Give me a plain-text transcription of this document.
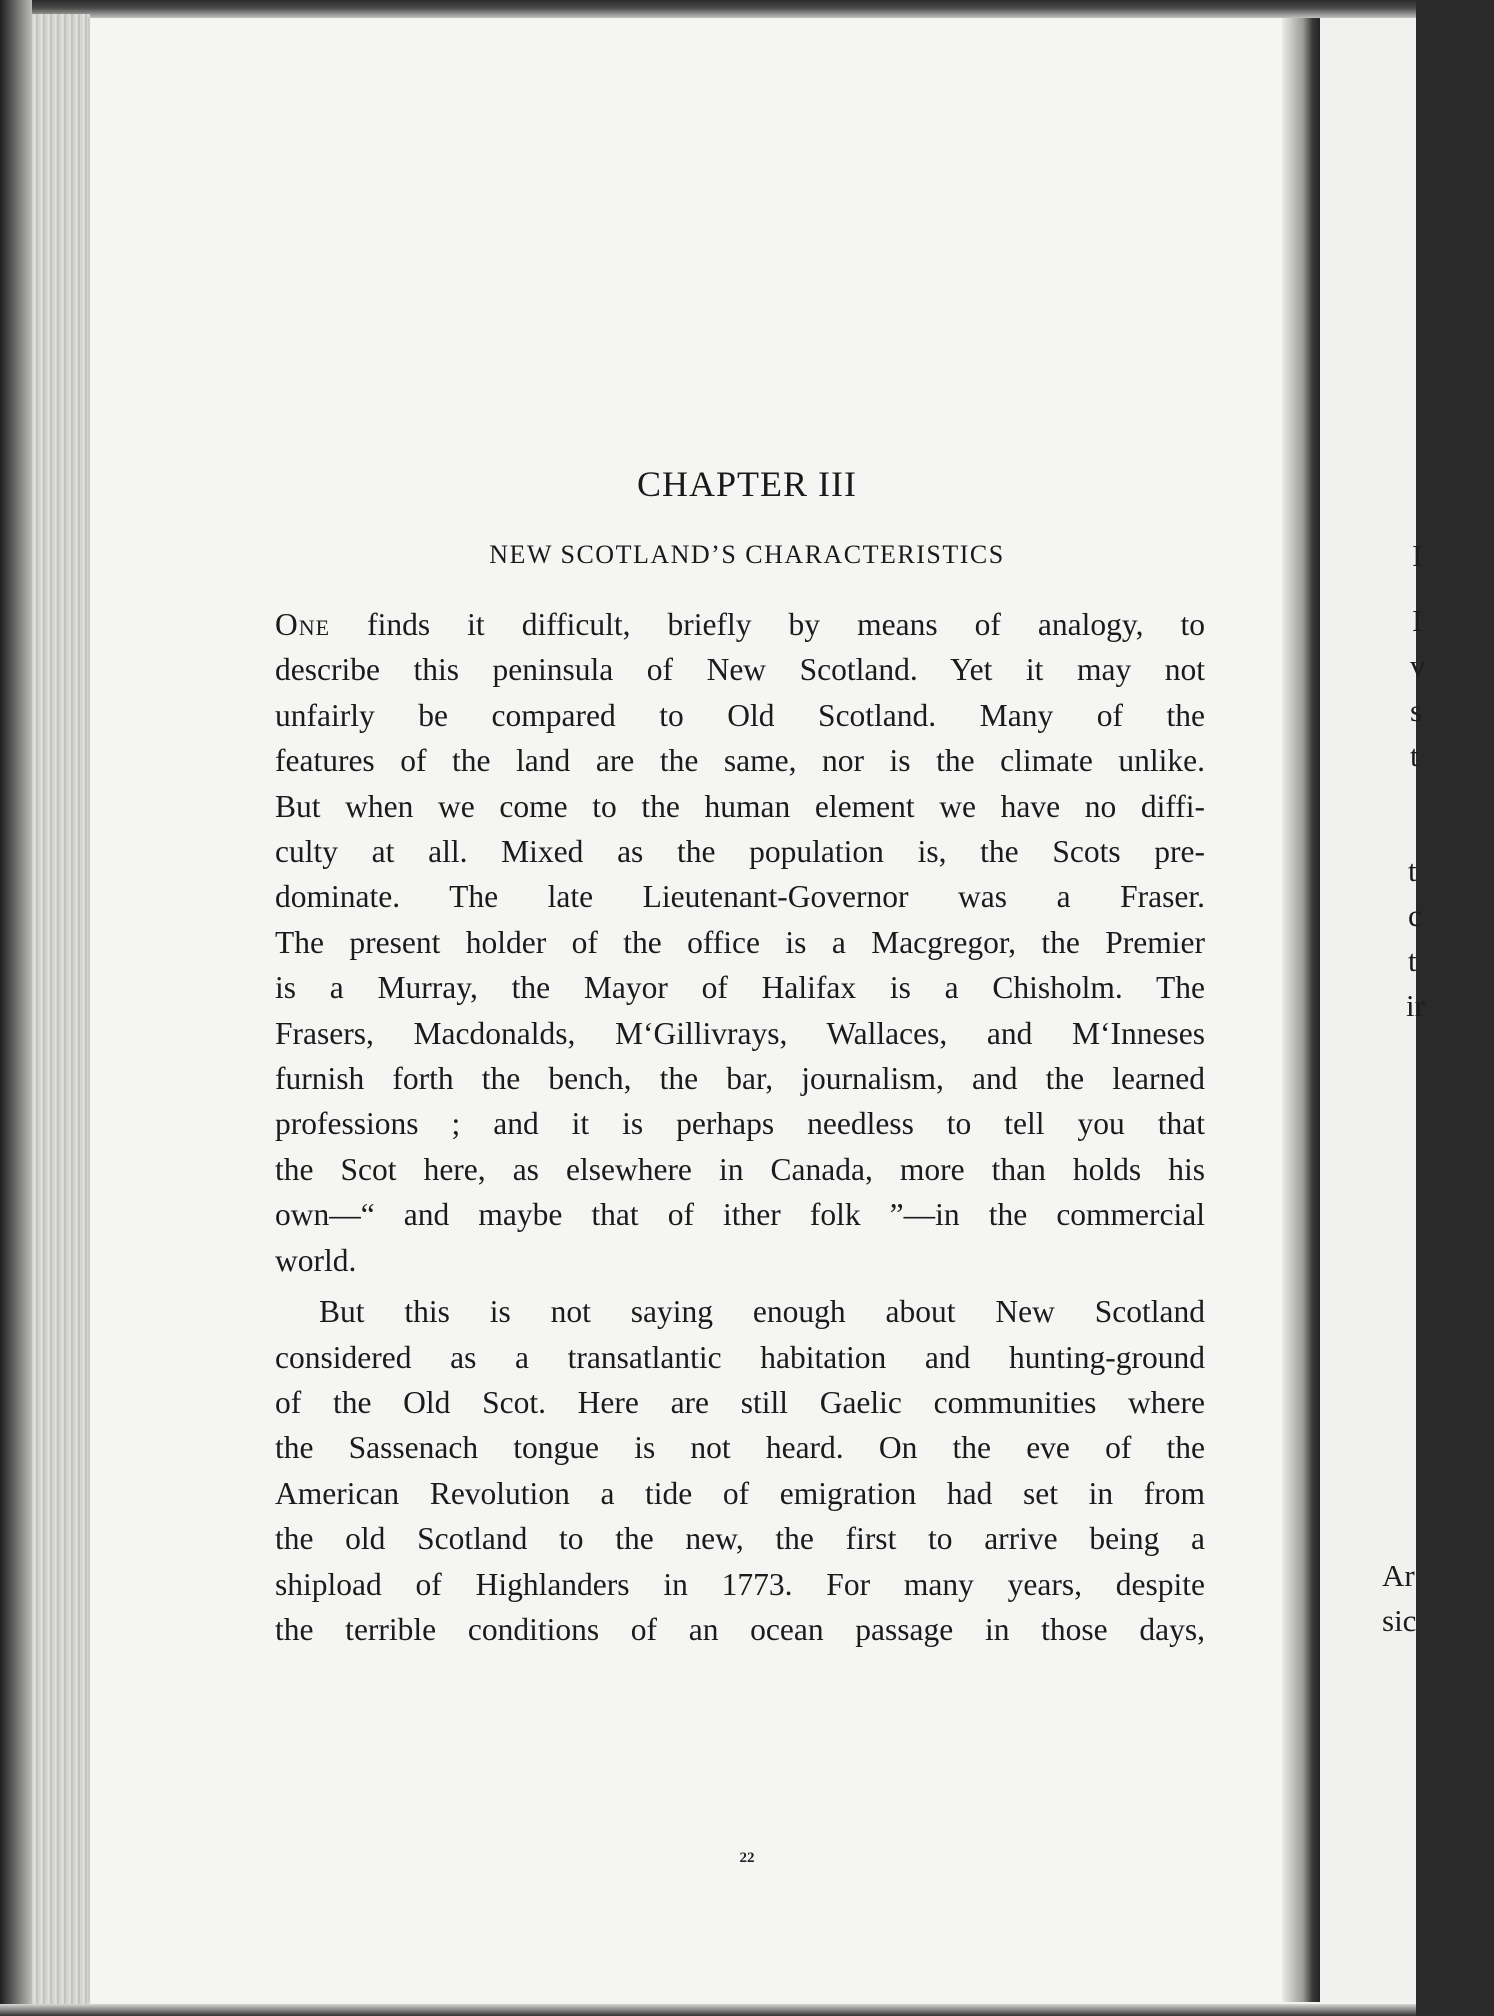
I
I
v
s
t
t
c
t
ir
Ar
sic
CHAPTER III
NEW SCOTLAND’S CHARACTERISTICS

One finds it difficult, briefly by means of analogy, to
describe this peninsula of New Scotland. Yet it may not
unfairly be compared to Old Scotland. Many of the
features of the land are the same, nor is the climate unlike.
But when we come to the human element we have no diffi-
culty at all. Mixed as the population is, the Scots pre-
dominate. The late Lieutenant-Governor was a Fraser.
The present holder of the office is a Macgregor, the Premier
is a Murray, the Mayor of Halifax is a Chisholm. The
Frasers, Macdonalds, M‘Gillivrays, Wallaces, and M‘Inneses
furnish forth the bench, the bar, journalism, and the learned
professions ; and it is perhaps needless to tell you that
the Scot here, as elsewhere in Canada, more than holds his
own—“ and maybe that of ither folk ”—in the commercial
world.

But this is not saying enough about New Scotland
considered as a transatlantic habitation and hunting-ground
of the Old Scot. Here are still Gaelic communities where
the Sassenach tongue is not heard. On the eve of the
American Revolution a tide of emigration had set in from
the old Scotland to the new, the first to arrive being a
shipload of Highlanders in 1773. For many years, despite
the terrible conditions of an ocean passage in those days,

22
